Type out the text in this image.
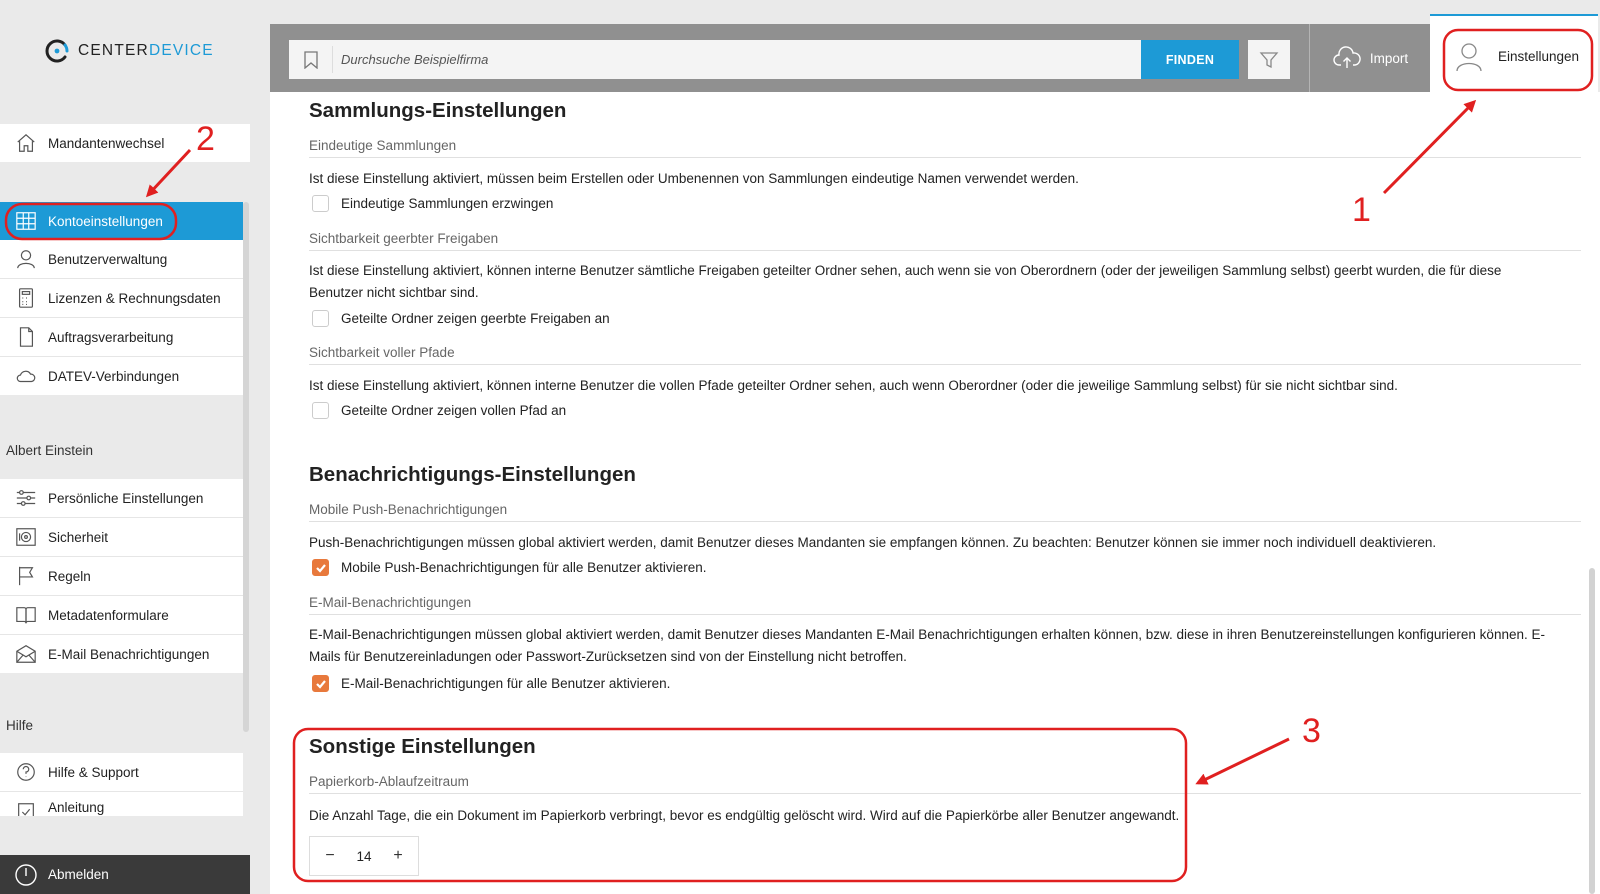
CENTERDEVICE
Mandantenwechsel
Kontoeinstellungen
Benutzerverwaltung
Lizenzen & Rechnungsdaten
Auftragsverarbeitung
DATEV-Verbindungen
Albert Einstein
Persönliche Einstellungen
Sicherheit
Regeln
Metadatenformulare
E-Mail Benachrichtigungen
Hilfe
Hilfe & Support
Anleitung
Abmelden
Durchsuche Beispielfirma
FINDEN	Import	Einstellungen
Sammlungs-Einstellungen
Eindeutige Sammlungen
Ist diese Einstellung aktiviert, müssen beim Erstellen oder Umbenennen von Sammlungen eindeutige Namen verwendet werden.
Eindeutige Sammlungen erzwingen
Sichtbarkeit geerbter Freigaben
Ist diese Einstellung aktiviert, können interne Benutzer sämtliche Freigaben geteilter Ordner sehen, auch wenn sie von Oberordnern (oder der jeweiligen Sammlung selbst) geerbt wurden, die für diese Benutzer nicht sichtbar sind.
Geteilte Ordner zeigen geerbte Freigaben an
Sichtbarkeit voller Pfade
Ist diese Einstellung aktiviert, können interne Benutzer die vollen Pfade geteilter Ordner sehen, auch wenn Oberordner (oder die jeweilige Sammlung selbst) für sie nicht sichtbar sind.
Geteilte Ordner zeigen vollen Pfad an
Benachrichtigungs-Einstellungen
Mobile Push-Benachrichtigungen
Push-Benachrichtigungen müssen global aktiviert werden, damit Benutzer dieses Mandanten sie empfangen können. Zu beachten: Benutzer können sie immer noch individuell deaktivieren.
Mobile Push-Benachrichtigungen für alle Benutzer aktivieren.
E-Mail-Benachrichtigungen
E-Mail-Benachrichtigungen müssen global aktiviert werden, damit Benutzer dieses Mandanten E-Mail Benachrichtigungen erhalten können, bzw. diese in ihren Benutzereinstellungen konfigurieren können. E-Mails für Benutzereinladungen oder Passwort-Zurücksetzen sind von der Einstellung nicht betroffen.
E-Mail-Benachrichtigungen für alle Benutzer aktivieren.
Sonstige Einstellungen
Papierkorb-Ablaufzeitraum
Die Anzahl Tage, die ein Dokument im Papierkorb verbringt, bevor es endgültig gelöscht wird. Wird auf die Papierkörbe aller Benutzer angewandt.
−	14	+
1
2
3
